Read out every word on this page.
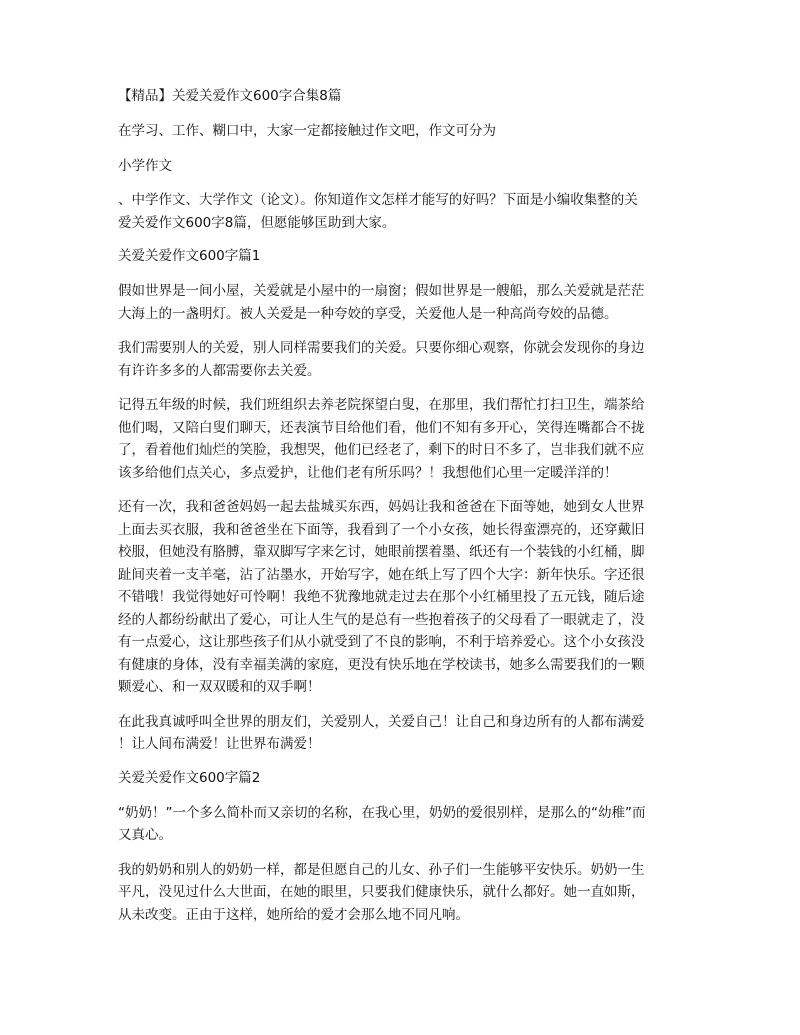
【精品】关爱关爱作文600字合集8篇
在学习、工作、糊口中，大家一定都接触过作文吧，作文可分为
小学作文
、中学作文、大学作文（论文）。你知道作文怎样才能写的好吗？下面是小编收集整的关
爱关爱作文600字8篇，但愿能够匡助到大家。
关爱关爱作文600字篇1
假如世界是一间小屋，关爱就是小屋中的一扇窗；假如世界是一艘船，那么关爱就是茫茫
大海上的一盏明灯。被人关爱是一种夸姣的享受，关爱他人是一种高尚夸姣的品德。
我们需要别人的关爱，别人同样需要我们的关爱。只要你细心观察，你就会发现你的身边
有许许多多的人都需要你去关爱。
记得五年级的时候，我们班组织去养老院探望白叟，在那里，我们帮忙打扫卫生，端茶给
他们喝，又陪白叟们聊天，还表演节目给他们看，他们不知有多开心，笑得连嘴都合不拢
了，看着他们灿烂的笑脸，我想哭，他们已经老了，剩下的时日不多了，岂非我们就不应
该多给他们点关心，多点爱护，让他们老有所乐吗？！我想他们心里一定暖洋洋的！
还有一次，我和爸爸妈妈一起去盐城买东西，妈妈让我和爸爸在下面等她，她到女人世界
上面去买衣服，我和爸爸坐在下面等，我看到了一个小女孩，她长得蛮漂亮的，还穿戴旧
校服，但她没有胳膊，靠双脚写字来乞讨，她眼前摆着墨、纸还有一个装钱的小红桶，脚
趾间夹着一支羊毫，沾了沾墨水，开始写字，她在纸上写了四个大字：新年快乐。字还很
不错哦！我觉得她好可怜啊！我绝不犹豫地就走过去在那个小红桶里投了五元钱，随后途
经的人都纷纷献出了爱心，可让人生气的是总有一些抱着孩子的父母看了一眼就走了，没
有一点爱心，这让那些孩子们从小就受到了不良的影响，不利于培养爱心。这个小女孩没
有健康的身体，没有幸福美满的家庭，更没有快乐地在学校读书，她多么需要我们的一颗
颗爱心、和一双双暖和的双手啊！
在此我真诚呼叫全世界的朋友们，关爱别人，关爱自己！让自己和身边所有的人都布满爱
！让人间布满爱！让世界布满爱！
关爱关爱作文600字篇2
“奶奶！”一个多么简朴而又亲切的名称，在我心里，奶奶的爱很别样，是那么的“幼稚”而
又真心。
我的奶奶和别人的奶奶一样，都是但愿自己的儿女、孙子们一生能够平安快乐。奶奶一生
平凡，没见过什么大世面，在她的眼里，只要我们健康快乐，就什么都好。她一直如斯，
从未改变。正由于这样，她所给的爱才会那么地不同凡响。
